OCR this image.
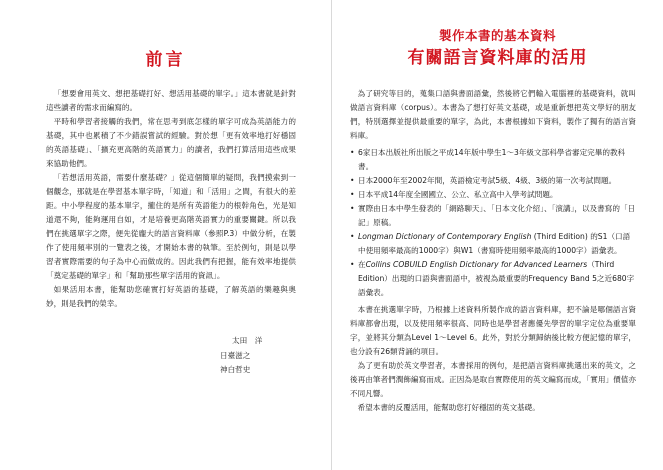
前言

「想要會用英文、想把基礎打好、想活用基礎的單字。」這本書就是針對這些讀者的需求而編寫的。

平時和學習者接觸的我們，常在思考到底怎樣的單字可成為英語能力的基礎，其中也累積了不少錯誤嘗試的經驗。對於想「更有效率地打好穩固的英語基礎」、「擴充更高階的英語實力」的讀者，我們打算活用這些成果來協助他們。

「若想活用英語，需要什麼基礎？」從這個簡單的疑問，我們摸索到一個觀念，那就是在學習基本單字時，「知道」和「活用」之間，有很大的差距。中小學程度的基本單字，攏住的是所有英語能力的根幹角色，光是知道還不夠，能夠運用自如，才是培養更高階英語實力的重要關鍵。所以我們在挑選單字之際，便先從龐大的語言資料庫（參照P.3）中做分析，在製作了使用頻率別的一覽表之後，才開始本書的執筆。至於例句，則是以學習者實際需要的句子為中心而做成的。因此我們有把握，能有效率地提供「奠定基礎的單字」和「幫助那些單字活用的資訊」。

如果活用本書，能幫助您確實打好英語的基礎，了解英語的樂趣與奧妙，則是我們的榮幸。

太田　洋
日臺滋之
神白哲史
製作本書的基本資料
有關語言資料庫的活用

為了研究等目的，蒐集口語與書面語彙，然後將它們輸入電腦裡的基礎資料，就叫做語言資料庫（corpus）。本書為了想打好英文基礎，或是重新想把英文學好的朋友們，特別選擇並提供最重要的單字，為此，本書根據如下資料，製作了獨有的語言資料庫。

• 6家日本出版社所出版之平成14年版中學生1～3年級文部科學省審定完畢的教科書。
• 日本2000年至2002年間，英語檢定考試5級、4級、3級的第一次考試問題。
• 日本平成14年度全國國立、公立、私立高中入學考試問題。
• 實際由日本中學生發表的「網路聊天」、「日本文化介紹」、「演講」，以及書寫的「日記」原稿。
• Longman Dictionary of Contemporary English (Third Edition) 的S1（口語中使用頻率最高的1000字）與W1（書寫時使用頻率最高的1000字）語彙表。
• 在Collins COBUILD English Dictionary for Advanced Learners（Third Edition）出現的口語與書面語中，被視為最重要的Frequency Band 5之近680字語彙表。

本書在挑選單字時，乃根據上述資料所製作成的語言資料庫，把不論是哪個語言資料庫都會出現，以及使用頻率很高、同時也是學習者應優先學習的單字定位為重要單字，並將其分類為Level 1～Level 6。此外，對於分類歸納後比較方便記憶的單字，也分設有26類背誦的項目。

為了更有助於英文學習者，本書採用的例句，是把語言資料庫挑選出來的英文，之後再由筆者們潤飾編寫而成。正因為是取自實際使用的英文編寫而成，「實用」價值亦不同凡響。

希望本書的反覆活用，能幫助您打好穩固的英文基礎。
